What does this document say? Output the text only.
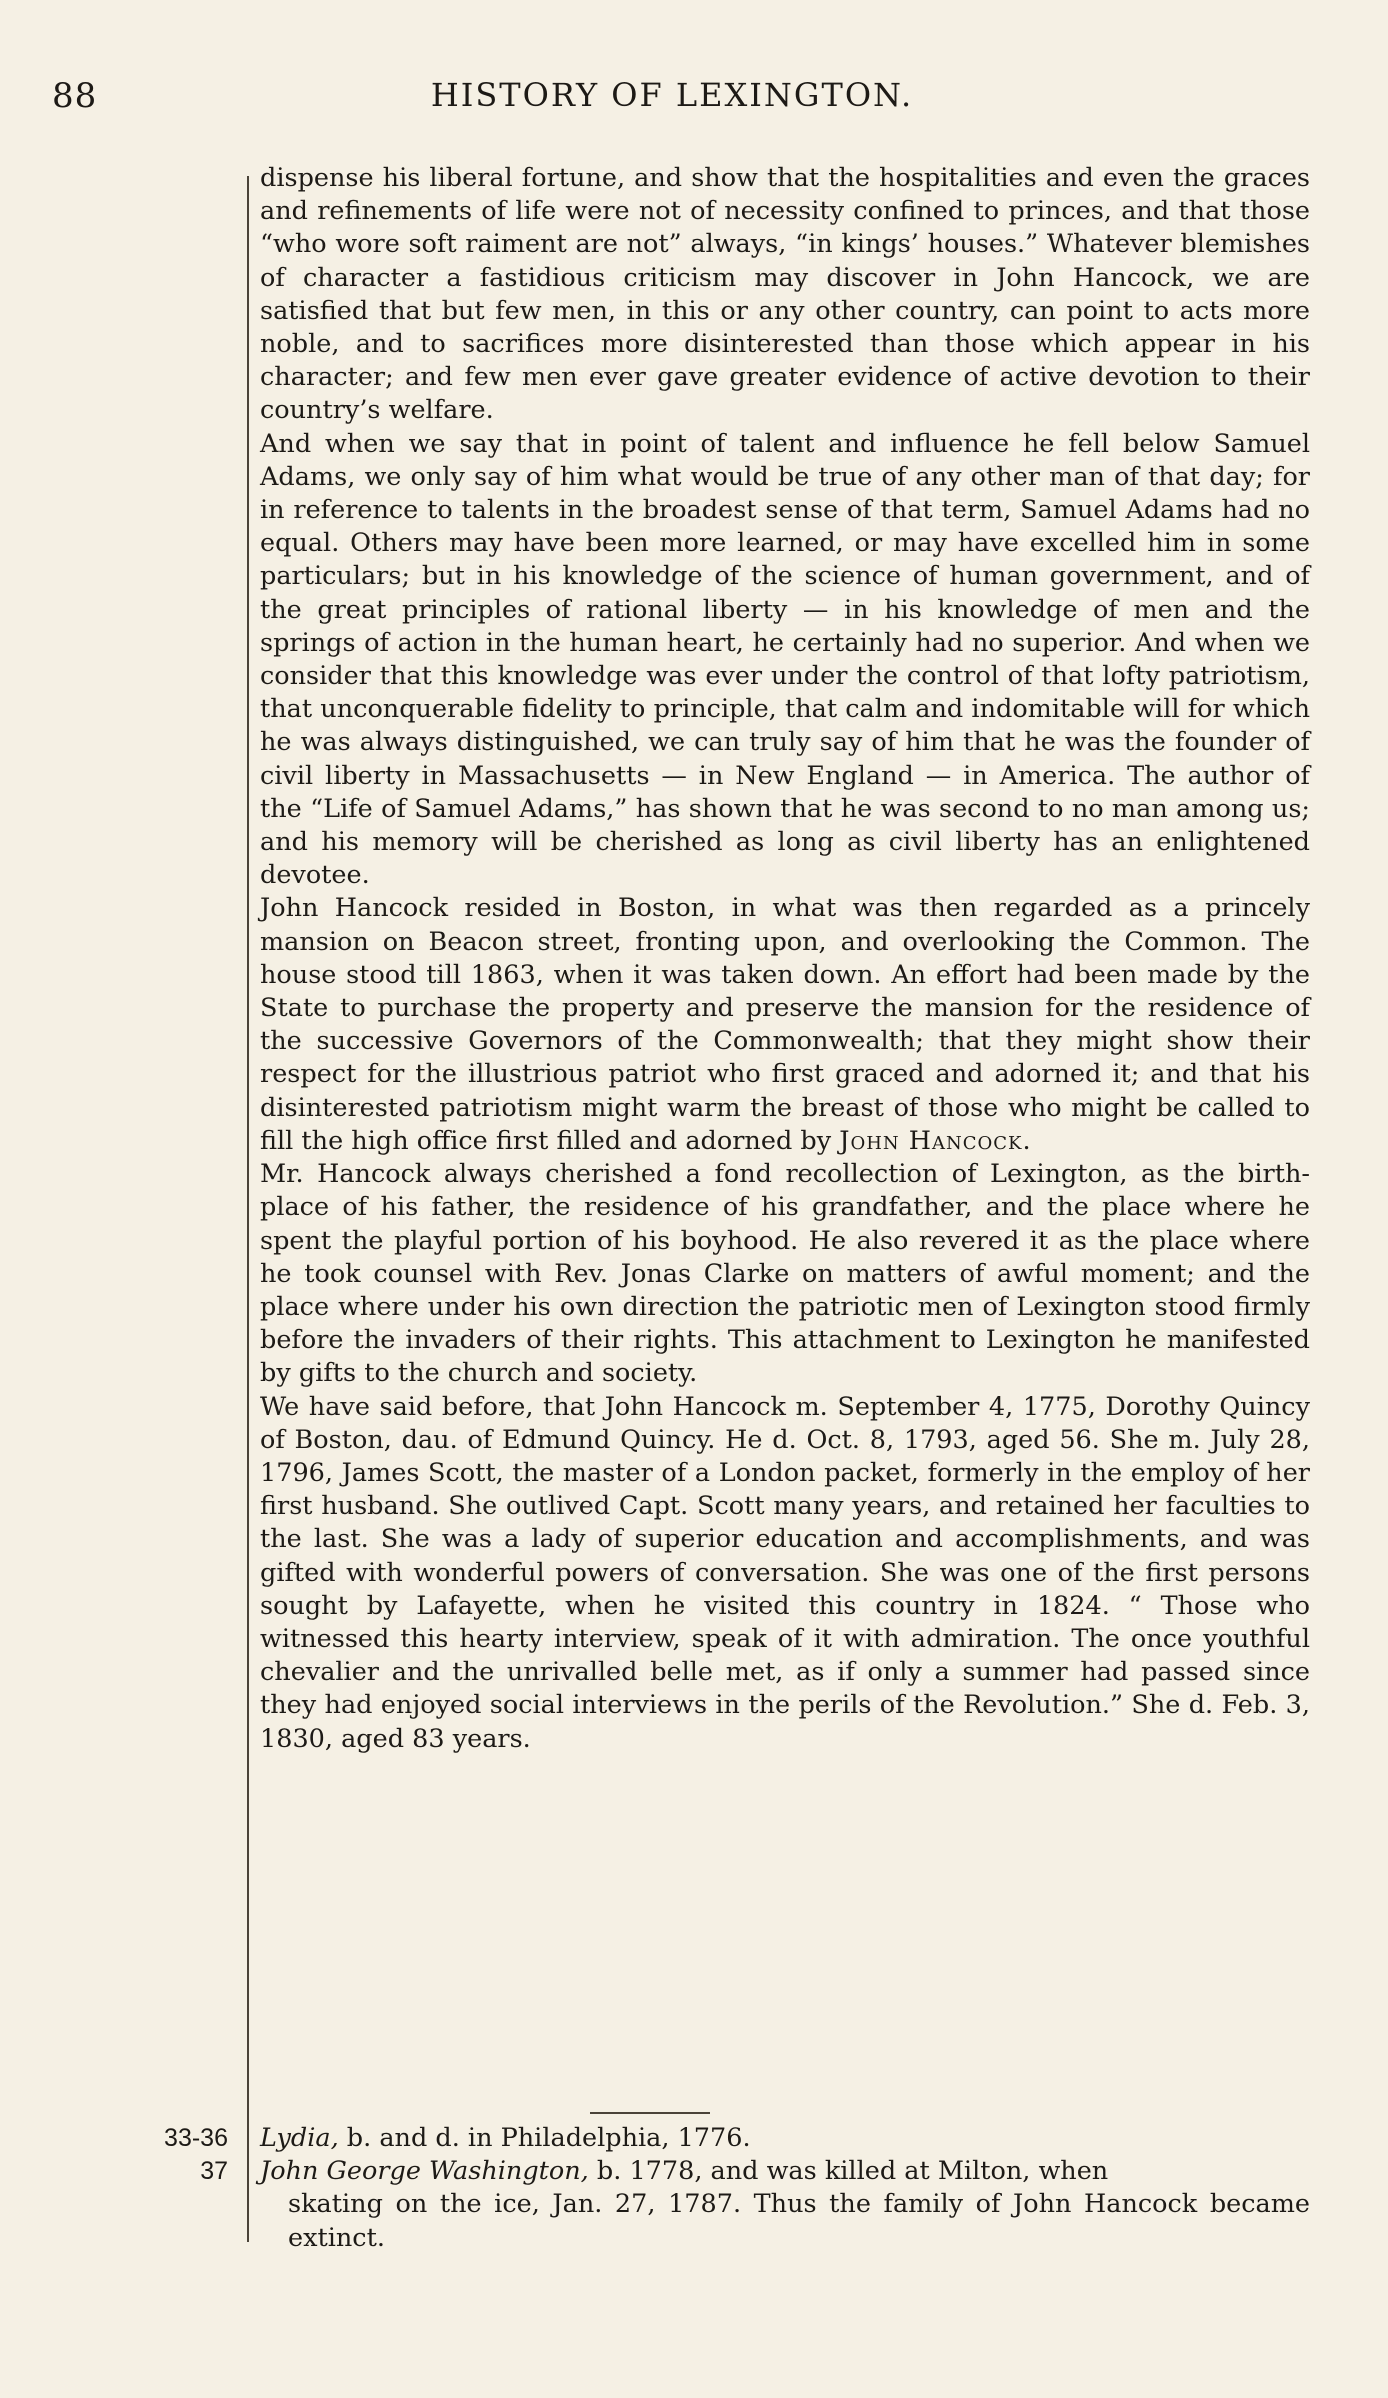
88	HISTORY OF LEXINGTON.

dispense his liberal fortune, and show that the hospitalities and even the graces and refinements of life were not of necessity confined to princes, and that those “who wore soft raiment are not” always, “in kings’ houses.” Whatever blemishes of character a fastidious criticism may discover in John Hancock, we are satisfied that but few men, in this or any other country, can point to acts more noble, and to sacrifices more disinterested than those which appear in his character; and few men ever gave greater evidence of active devotion to their country’s welfare.

And when we say that in point of talent and influence he fell below Samuel Adams, we only say of him what would be true of any other man of that day; for in reference to talents in the broadest sense of that term, Samuel Adams had no equal. Others may have been more learned, or may have excelled him in some particulars; but in his knowledge of the science of human government, and of the great principles of rational liberty — in his knowledge of men and the springs of action in the human heart, he certainly had no superior. And when we consider that this knowledge was ever under the control of that lofty patriotism, that unconquerable fidelity to principle, that calm and indomitable will for which he was always distinguished, we can truly say of him that he was the founder of civil liberty in Massachusetts — in New England — in America. The author of the “Life of Samuel Adams,” has shown that he was second to no man among us; and his memory will be cherished as long as civil liberty has an enlightened devotee.

John Hancock resided in Boston, in what was then regarded as a princely mansion on Beacon street, fronting upon, and overlooking the Common. The house stood till 1863, when it was taken down. An effort had been made by the State to purchase the property and preserve the mansion for the residence of the successive Governors of the Commonwealth; that they might show their respect for the illustrious patriot who first graced and adorned it; and that his disinterested patriotism might warm the breast of those who might be called to fill the high office first filled and adorned by John Hancock.

Mr. Hancock always cherished a fond recollection of Lexington, as the birth-place of his father, the residence of his grandfather, and the place where he spent the playful portion of his boyhood. He also revered it as the place where he took counsel with Rev. Jonas Clarke on matters of awful moment; and the place where under his own direction the patriotic men of Lexington stood firmly before the invaders of their rights. This attachment to Lexington he manifested by gifts to the church and society.

We have said before, that John Hancock m. September 4, 1775, Dorothy Quincy of Boston, dau. of Edmund Quincy. He d. Oct. 8, 1793, aged 56. She m. July 28, 1796, James Scott, the master of a London packet, formerly in the employ of her first husband. She outlived Capt. Scott many years, and retained her faculties to the last. She was a lady of superior education and accomplishments, and was gifted with wonderful powers of conversation. She was one of the first persons sought by Lafayette, when he visited this country in 1824. “ Those who witnessed this hearty interview, speak of it with admiration. The once youthful chevalier and the unrivalled belle met, as if only a summer had passed since they had enjoyed social interviews in the perils of the Revolution.” She d. Feb. 3, 1830, aged 83 years.

33-36 Lydia, b. and d. in Philadelphia, 1776.
37 John George Washington, b. 1778, and was killed at Milton, when
skating on the ice, Jan. 27, 1787. Thus the family of John Hancock became extinct.
